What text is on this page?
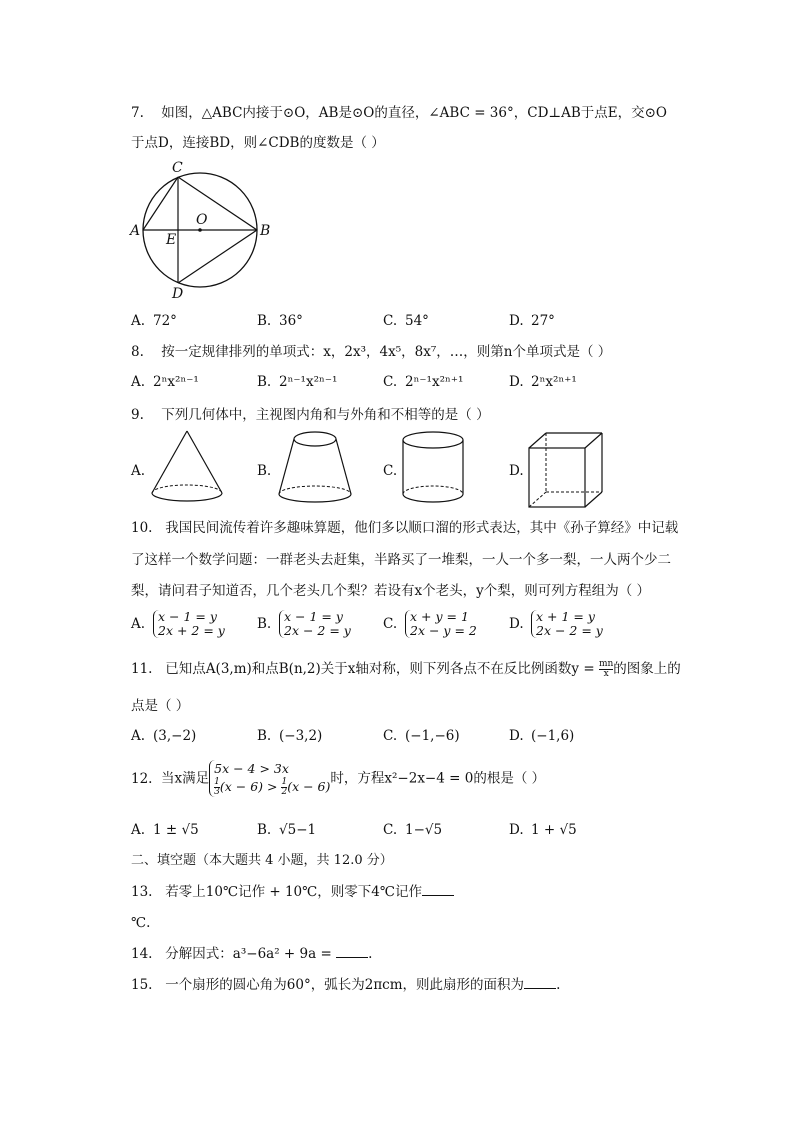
7. 如图，△ABC内接于⊙O，AB是⊙O的直径，∠ABC = 36°，CD⊥AB于点E，交⊙O
于点D，连接BD，则∠CDB的度数是（ ）
C
O
A
E
B
D
A. 72°	B. 36°	C. 54°	D. 27°
8. 按一定规律排列的单项式：x，2x³，4x⁵，8x⁷，…，则第n个单项式是（ ）
A. 2ⁿx²ⁿ⁻¹	B. 2ⁿ⁻¹x²ⁿ⁻¹	C. 2ⁿ⁻¹x²ⁿ⁺¹	D. 2ⁿx²ⁿ⁺¹
9. 下列几何体中，主视图内角和与外角和不相等的是（ ）
A.	B.	C.	D.
10. 我国民间流传着许多趣味算题，他们多以顺口溜的形式表达，其中《孙子算经》中记载
了这样一个数学问题：一群老头去赶集，半路买了一堆梨，一人一个多一梨，一人两个少二
梨，请问君子知道否，几个老头几个梨？若设有x个老头，y个梨，则可列方程组为（ ）
A. x − 1 = y
2x + 2 = y B. x − 1 = y
2x − 2 = y C. x + y = 1
2x − y = 2 D. x + 1 = y
2x − 2 = y
11. 已知点A(3,m)和点B(n,2)关于x轴对称，则下列各点不在反比例函数$y = \frac{mn}{x}$ 的图象上的
点是（ ）
A. (3,−2)	B. (−3,2)	C. (−1,−6)	D. (−1,6)
12. 当x满足5x − 4 > 3x

$\frac{1}{3} (x - 6) > \frac{1}{2} (x - 6)$时，方程x²−2x−4 = 0的根是（ ）
A. 1 ± √5	B. √5−1	C. 1−√5	D. 1 + √5
二、填空题（本大题共 4 小题，共 12.0 分）
13. 若零上10℃记作 + 10℃，则零下4℃记作
℃.
14. 分解因式：a³−6a² + 9a =	.
15. 一个扇形的圆心角为60°，弧长为2πcm，则此扇形的面积为 .
